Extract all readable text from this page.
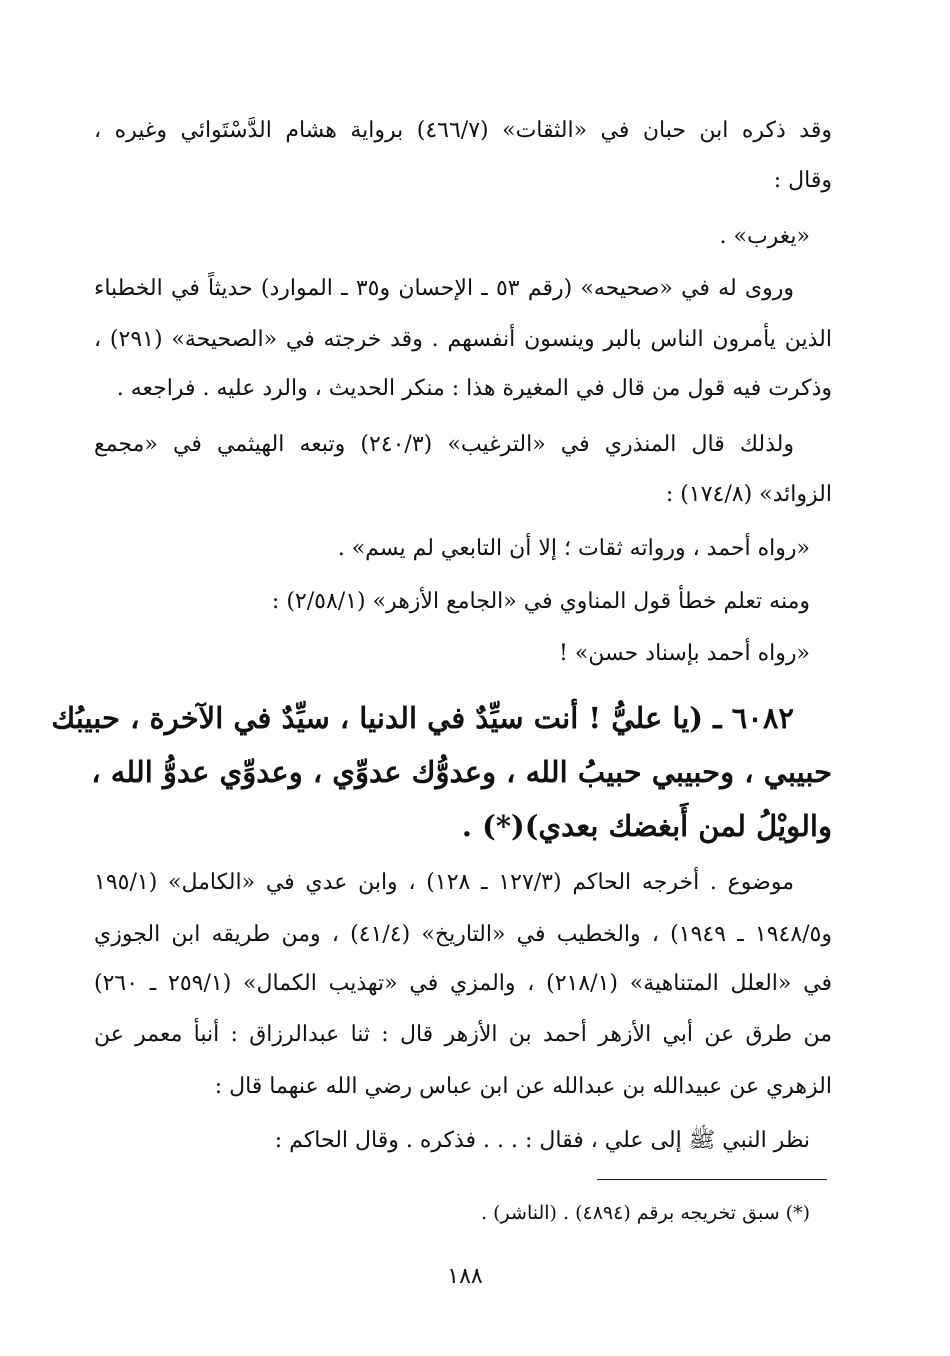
وقد ذكره ابن حبان في «الثقات» (٤٦٦/٧) برواية هشام الدَّسْتَوائي وغيره ،
وقال :
«يغرب» .
وروى له في «صحيحه» (رقم ٥٣ ـ الإحسان و٣٥ ـ الموارد) حديثاً في الخطباء
الذين يأمرون الناس بالبر وينسون أنفسهم . وقد خرجته في «الصحيحة» (٢٩١) ،
وذكرت فيه قول من قال في المغيرة هذا : منكر الحديث ، والرد عليه . فراجعه .
ولذلك قال المنذري في «الترغيب» (٢٤٠/٣) وتبعه الهيثمي في «مجمع
الزوائد» (١٧٤/٨) :
«رواه أحمد ، ورواته ثقات ؛ إلا أن التابعي لم يسم» .
ومنه تعلم خطأ قول المناوي في «الجامع الأزهر» (٢/٥٨/١) :
«رواه أحمد بإسناد حسن» !
٦٠٨٢ ـ (يا عليُّ ! أنت سيِّدٌ في الدنيا ، سيِّدٌ في الآخرة ، حبيبُك
حبيبي ، وحبيبي حبيبُ الله ، وعدوُّك عدوِّي ، وعدوِّي عدوُّ الله ،
والويْلُ لمن أَبغضك بعدي)(*) .
موضوع . أخرجه الحاكم (١٢٧/٣ ـ ١٢٨) ، وابن عدي في «الكامل» (١٩٥/١
و١٩٤٨/٥ ـ ١٩٤٩) ، والخطيب في «التاريخ» (٤١/٤) ، ومن طريقه ابن الجوزي
في «العلل المتناهية» (٢١٨/١) ، والمزي في «تهذيب الكمال» (٢٥٩/١ ـ ٢٦٠)
من طرق عن أبي الأزهر أحمد بن الأزهر قال : ثنا عبدالرزاق : أنبأ معمر عن
الزهري عن عبيدالله بن عبدالله عن ابن عباس رضي الله عنهما قال :
نظر النبي ﷺ إلى علي ، فقال : . . . فذكره . وقال الحاكم :
(*) سبق تخريجه برقم (٤٨٩٤) . (الناشر) .
١٨٨
